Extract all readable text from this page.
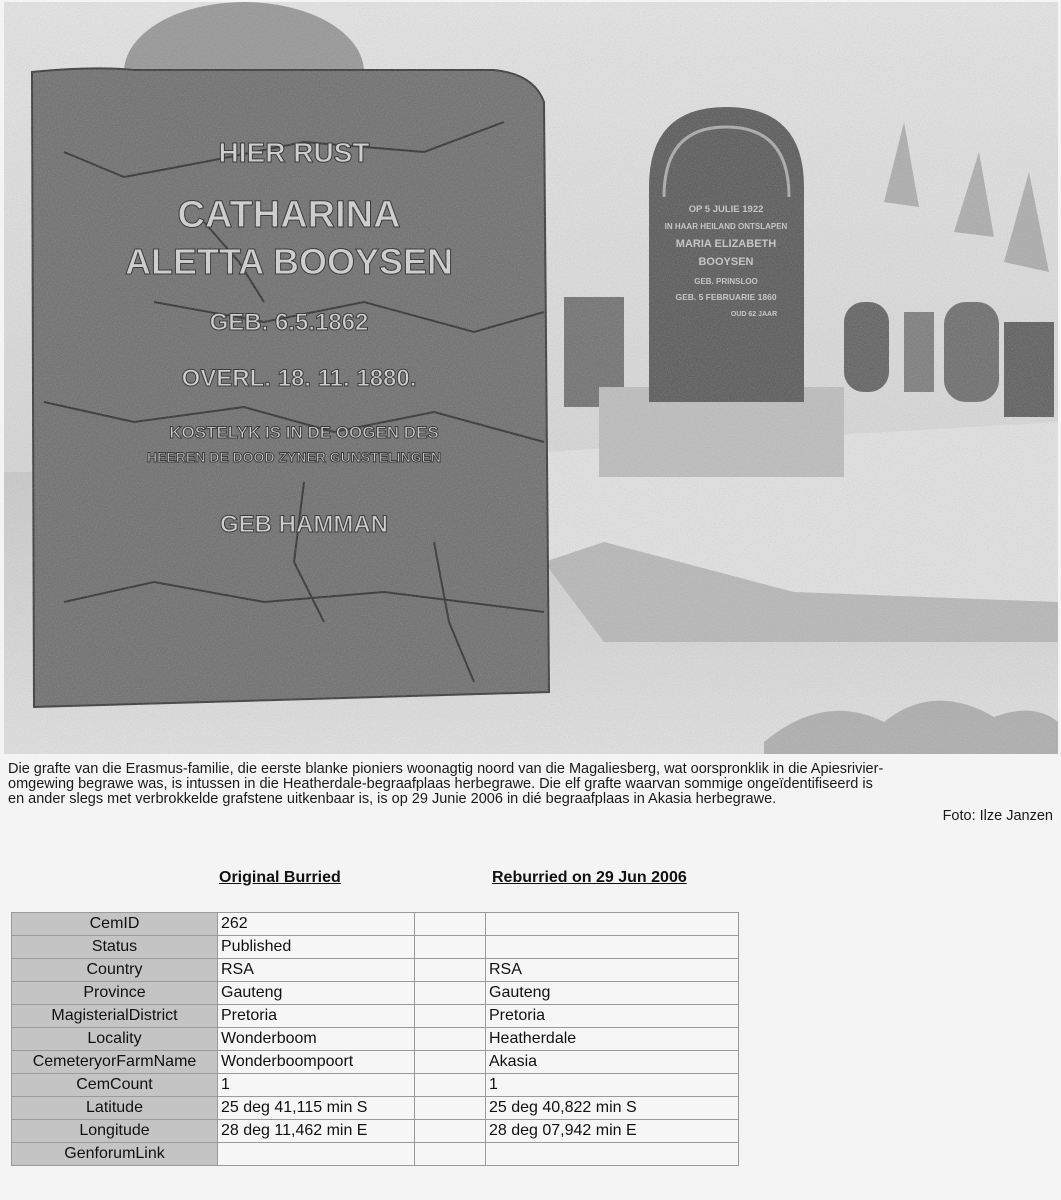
Die grafte van die Erasmus-familie, die eerste blanke pioniers woonagtig noord van die Magaliesberg, wat oorspronklik in die Apiesrivier-

omgewing begrawe was, is intussen in die Heatherdale-begraafplaas herbegrawe. Die elf grafte waarvan sommige ongeïdentifiseerd is

en ander slegs met verbrokkelde grafstene uitkenbaar is, is op 29 Junie 2006 in dié begraafplaas in Akasia herbegrawe.

Foto: Ilze Janzen
Original Burried	Reburried on 29 Jun 2006
CemID	262		
Status	Published		
Country	RSA		RSA
Province	Gauteng		Gauteng
MagisterialDistrict	Pretoria		Pretoria
Locality	Wonderboom		Heatherdale
CemeteryorFarmName	Wonderboompoort		Akasia
CemCount	1		1
Latitude	25 deg 41,115 min S		25 deg 40,822 min S
Longitude	28 deg 11,462 min E		28 deg 07,942 min E
GenforumLink			
